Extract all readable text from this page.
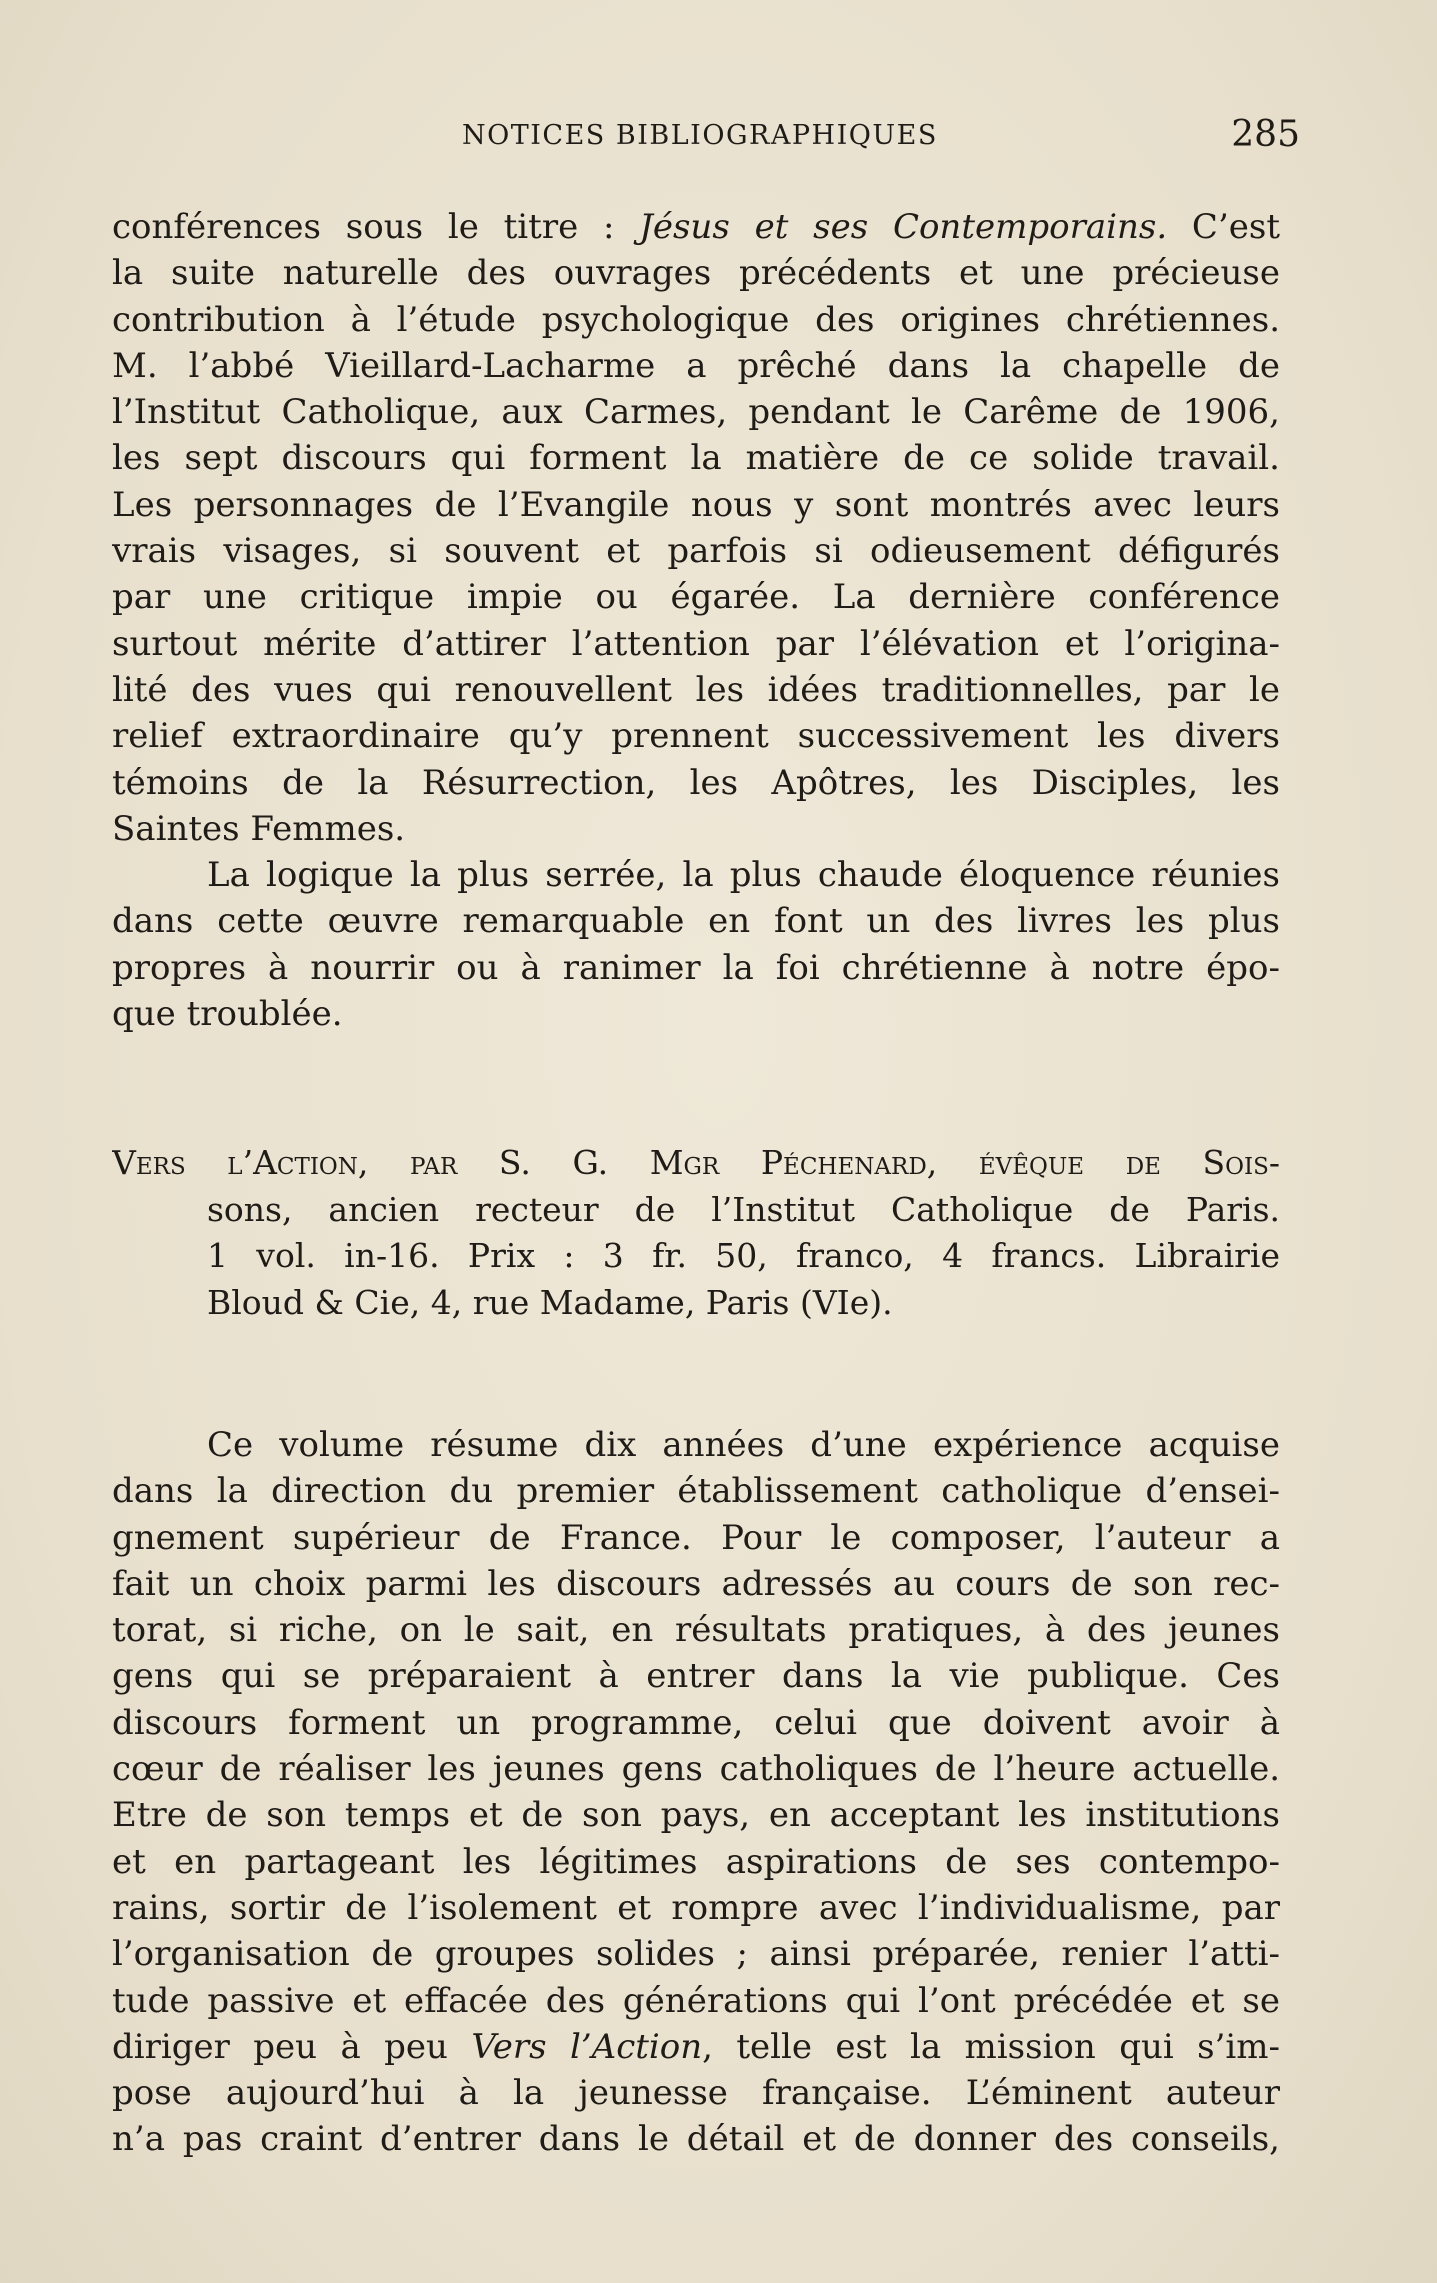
NOTICES BIBLIOGRAPHIQUES	285
conférences sous le titre : Jésus et ses Contemporains. C’est
la suite naturelle des ouvrages précédents et une précieuse
contribution à l’étude psychologique des origines chrétiennes.
M. l’abbé Vieillard-Lacharme a prêché dans la chapelle de
l’Institut Catholique, aux Carmes, pendant le Carême de 1906,
les sept discours qui forment la matière de ce solide travail.
Les personnages de l’Evangile nous y sont montrés avec leurs
vrais visages, si souvent et parfois si odieusement défigurés
par une critique impie ou égarée. La dernière conférence
surtout mérite d’attirer l’attention par l’élévation et l’origina-
lité des vues qui renouvellent les idées traditionnelles, par le
relief extraordinaire qu’y prennent successivement les divers
témoins de la Résurrection, les Apôtres, les Disciples, les
Saintes Femmes.
La logique la plus serrée, la plus chaude éloquence réunies
dans cette œuvre remarquable en font un des livres les plus
propres à nourrir ou à ranimer la foi chrétienne à notre épo-
que troublée.
Vers l’Action, par S. G. Mgr Péchenard, évêque de Sois-
sons, ancien recteur de l’Institut Catholique de Paris.
1 vol. in-16. Prix : 3 fr. 50, franco, 4 francs. Librairie
Bloud & Cie, 4, rue Madame, Paris (VIe).
Ce volume résume dix années d’une expérience acquise
dans la direction du premier établissement catholique d’ensei-
gnement supérieur de France. Pour le composer, l’auteur a
fait un choix parmi les discours adressés au cours de son rec-
torat, si riche, on le sait, en résultats pratiques, à des jeunes
gens qui se préparaient à entrer dans la vie publique. Ces
discours forment un programme, celui que doivent avoir à
cœur de réaliser les jeunes gens catholiques de l’heure actuelle.
Etre de son temps et de son pays, en acceptant les institutions
et en partageant les légitimes aspirations de ses contempo-
rains, sortir de l’isolement et rompre avec l’individualisme, par
l’organisation de groupes solides ; ainsi préparée, renier l’atti-
tude passive et effacée des générations qui l’ont précédée et se
diriger peu à peu Vers l’Action, telle est la mission qui s’im-
pose aujourd’hui à la jeunesse française. L’éminent auteur
n’a pas craint d’entrer dans le détail et de donner des conseils,
